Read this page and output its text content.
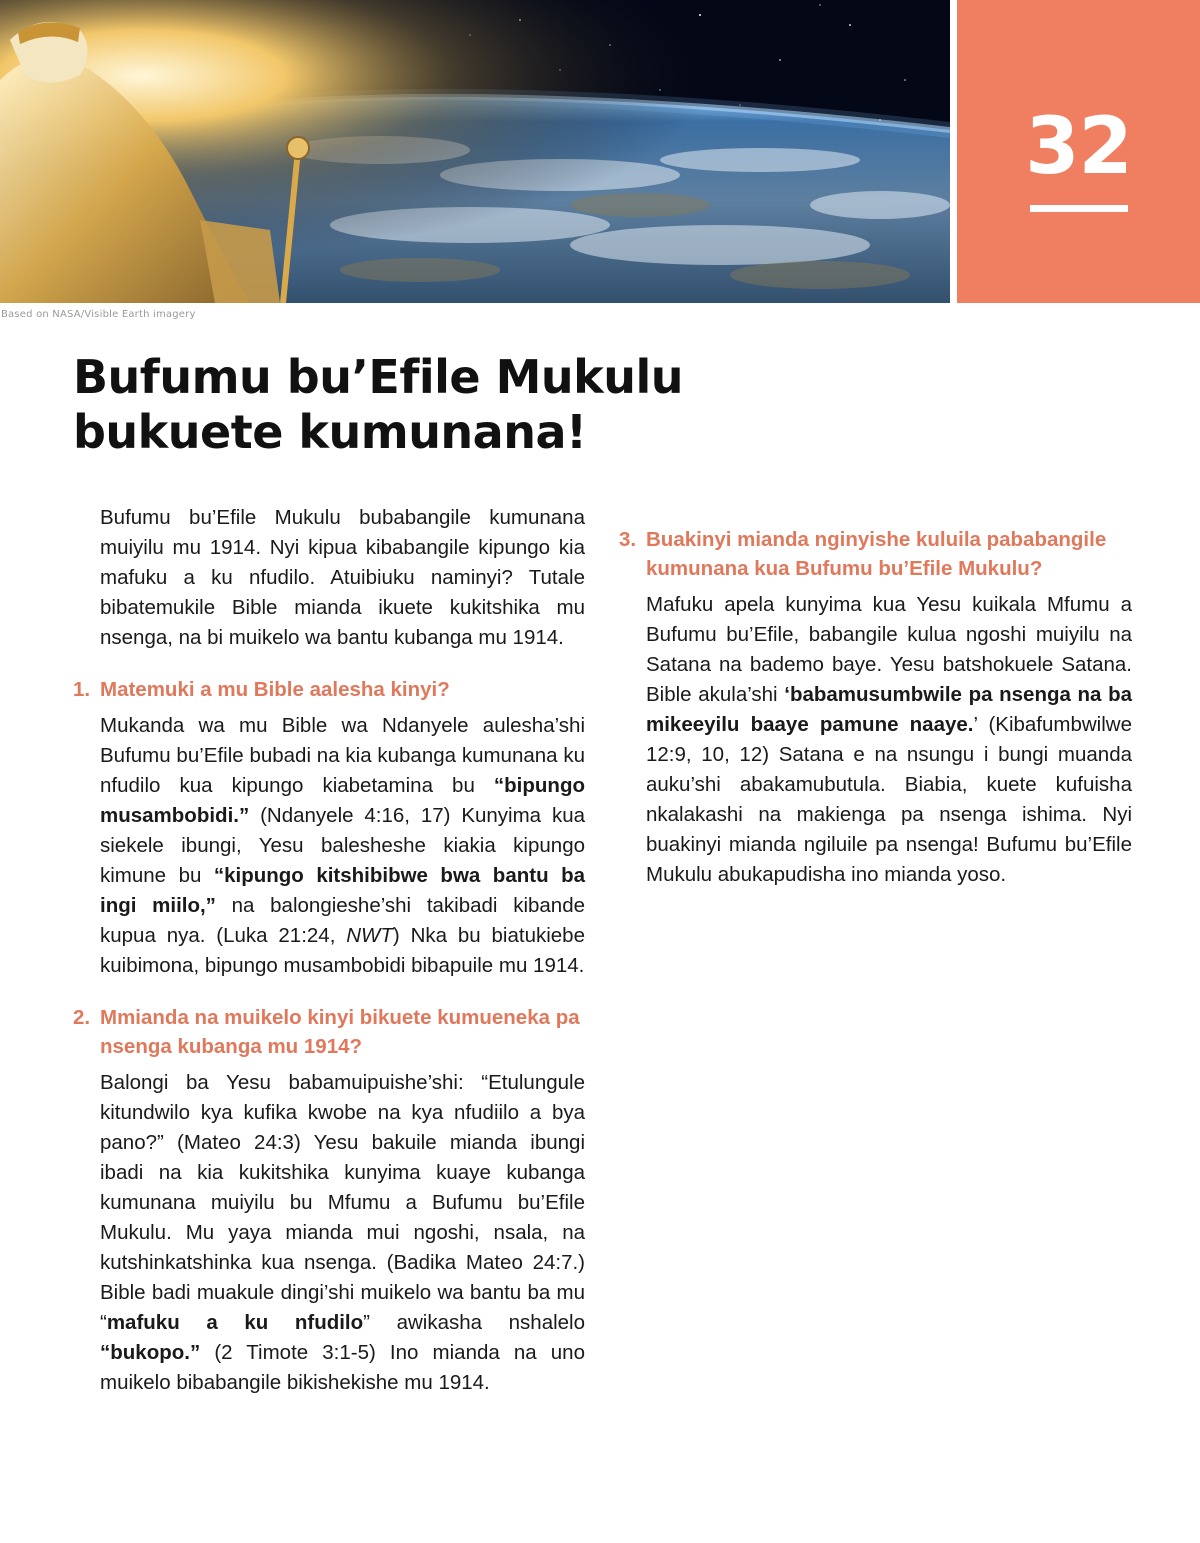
32
Based on NASA/Visible Earth imagery
Bufumu bu’Efile Mukulu
bukuete kumunana!

Bufumu bu’Efile Mukulu bubabangile kumunana muiyilu mu 1914. Nyi kipua kibabangile kipungo kia mafuku a ku nfudilo. Atuibiuku naminyi? Tutale bibatemukile Bible mianda ikuete kukitshika mu nsenga, na bi muikelo wa bantu kubanga mu 1914.

1. Matemuki a mu Bible aalesha kinyi?

Mukanda wa mu Bible wa Ndanyele aulesha’shi Bufumu bu’Efile bubadi na kia kubanga kumunana ku nfudilo kua kipungo kiabetamina bu “bipungo musambobidi.” (Ndanyele 4:16, 17) Kunyima kua siekele ibungi, Yesu balesheshe kiakia kipungo kimune bu “kipungo kitshibibwe bwa bantu ba ingi miilo,” na balongieshe’shi takibadi kibande kupua nya. (Luka 21:24, NWT) Nka bu biatukiebe kuibimona, bipungo musambobidi bibapuile mu 1914.

2. Mmianda na muikelo kinyi bikuete kumueneka pa nsenga kubanga mu 1914?

Balongi ba Yesu babamuipuishe’shi: “Etulungule kitundwilo kya kufika kwobe na kya nfudiilo a bya pano?” (Mateo 24:3) Yesu bakuile mianda ibungi ibadi na kia kukitshika kunyima kuaye kubanga kumunana muiyilu bu Mfumu a Bufumu bu’Efile Mukulu. Mu yaya mianda mui ngoshi, nsala, na kutshinkatshinka kua nsenga. (Badika Mateo 24:7.) Bible badi muakule dingi’shi muikelo wa bantu ba mu “mafuku a ku nfudilo” awikasha nshalelo “bukopo.” (2 Timote 3:1-5) Ino mianda na uno muikelo bibabangile bikishekishe mu 1914.

3. Buakinyi mianda nginyishe kuluila pababangile kumunana kua Bufumu bu’Efile Mukulu?

Mafuku apela kunyima kua Yesu kuikala Mfumu a Bufumu bu’Efile, babangile kulua ngoshi muiyilu na Satana na bademo baye. Yesu batshokuele Satana. Bible akula’shi ‘babamusumbwile pa nsenga na ba mikeeyilu baaye pamune naaye.’ (Kibafumbwilwe 12:9, 10, 12) Satana e na nsungu i bungi muanda auku’shi abakamubutula. Biabia, kuete kufuisha nkalakashi na makienga pa nsenga ishima. Nyi buakinyi mianda ngiluile pa nsenga! Bufumu bu’Efile Mukulu abukapudisha ino mianda yoso.
